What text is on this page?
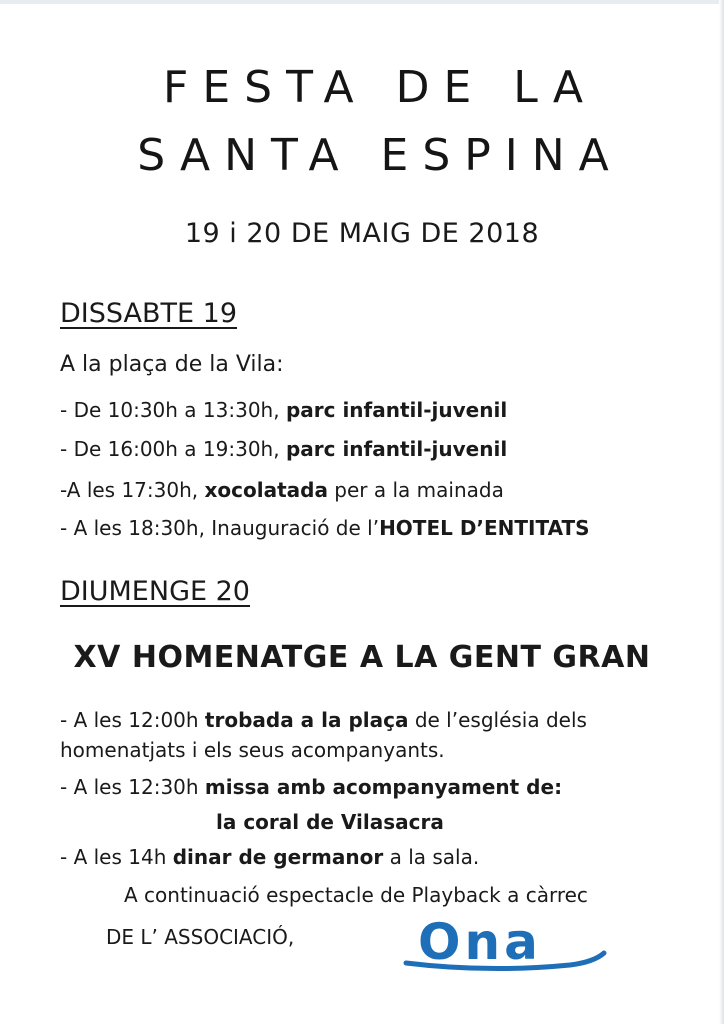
FESTA DE LA
SANTA ESPINA
19 i 20 DE MAIG DE 2018
DISSABTE 19
A la plaça de la Vila:
- De 10:30h a 13:30h, parc infantil-juvenil
- De 16:00h a 19:30h, parc infantil-juvenil
-A les 17:30h, xocolatada per a la mainada
- A les 18:30h, Inauguració de l’HOTEL D’ENTITATS
DIUMENGE 20
XV HOMENATGE A LA GENT GRAN
- A les 12:00h trobada a la plaça de l’església dels
homenatjats i els seus acompanyants.
- A les 12:30h missa amb acompanyament de:
la coral de Vilasacra
- A les 14h dinar de germanor a la sala.
A continuació espectacle de Playback a càrrec
DE L’ ASSOCIACIÓ, Ona
